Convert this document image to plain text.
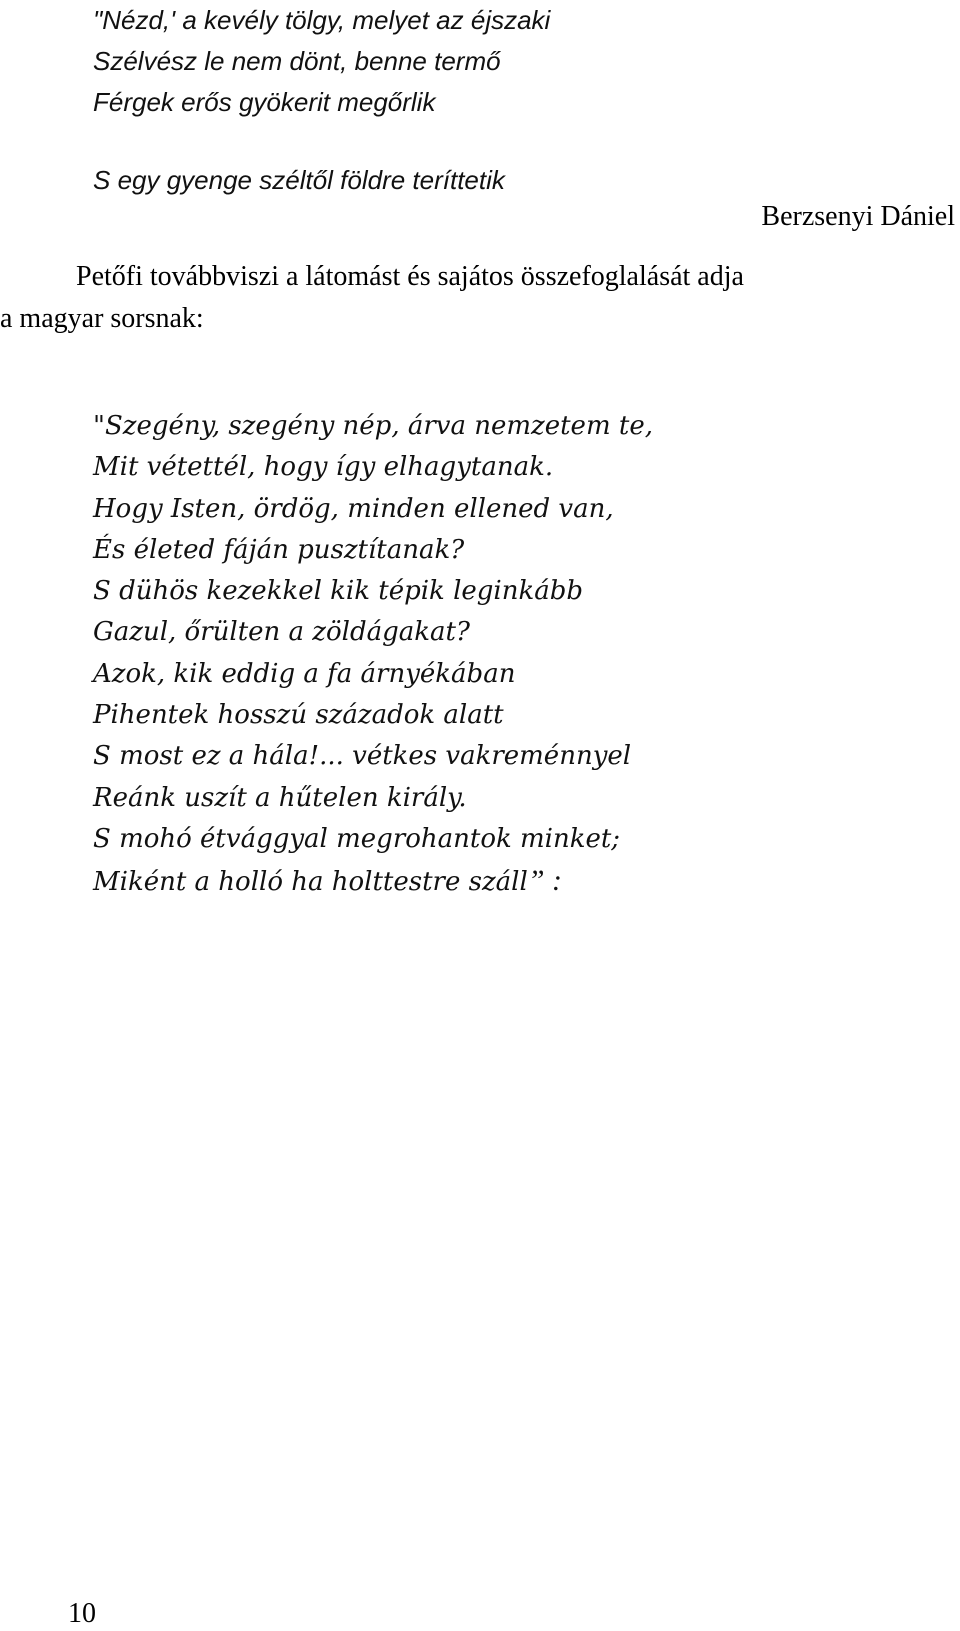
"Nézd,' a kevély tölgy, melyet az éjszaki
Szélvész le nem dönt, benne termő
Férgek erős gyökerit megőrlik
S egy gyenge széltől földre teríttetik
Berzsenyi Dániel
Petőfi továbbviszi a látomást és sajátos összefoglalását adja
a magyar sorsnak:
"Szegény, szegény nép, árva nemzetem te,
Mit vétettél, hogy így elhagytanak.
Hogy Isten, ördög, minden ellened van,
És életed fáján pusztítanak?
S dühös kezekkel kik tépik leginkább
Gazul, őrülten a zöldágakat?
Azok, kik eddig a fa árnyékában
Pihentek hosszú századok alatt
S most ez a hála!... vétkes vakreménnyel
Reánk uszít a hűtelen király.
S mohó étvággyal megrohantok minket;
Miként a holló ha holttestre száll” :
10
